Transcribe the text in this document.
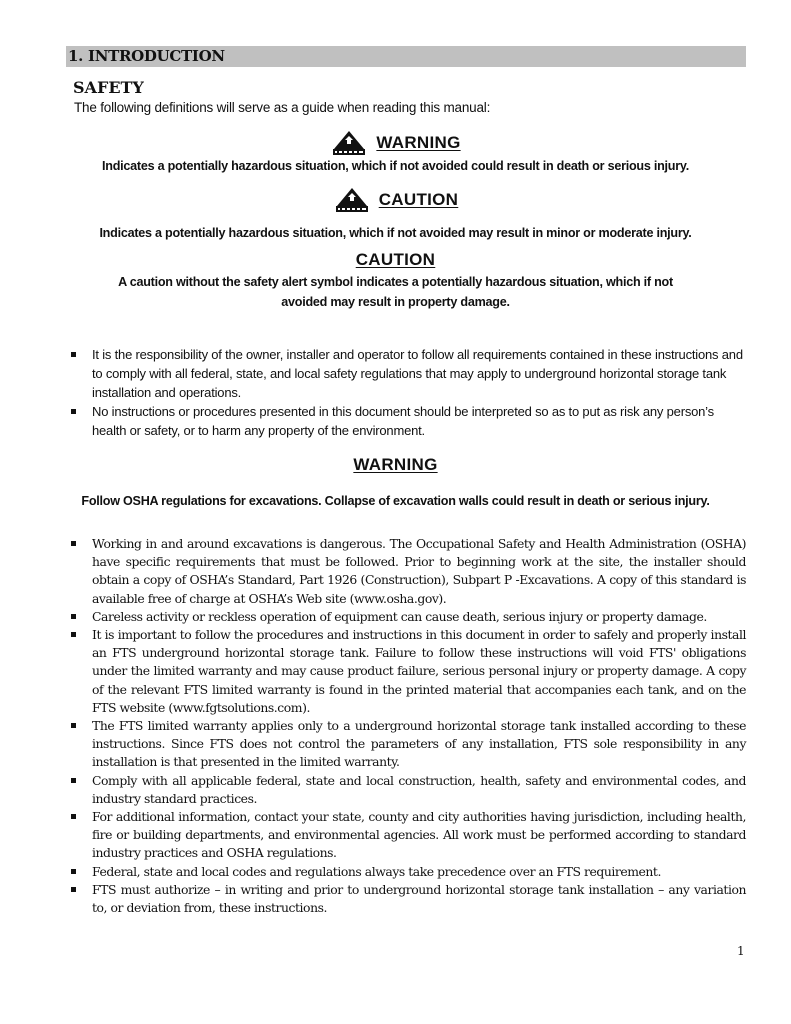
1. INTRODUCTION
SAFETY
The following definitions will serve as a guide when reading this manual:
WARNING
Indicates a potentially hazardous situation, which if not avoided could result in death or serious injury.
CAUTION
Indicates a potentially hazardous situation, which if not avoided may result in minor or moderate injury.
CAUTION
A caution without the safety alert symbol indicates a potentially hazardous situation, which if not
avoided may result in property damage.
It is the responsibility of the owner, installer and operator to follow all requirements contained in these instructions and to comply with all federal, state, and local safety regulations that may apply to underground horizontal storage tank installation and operations.
No instructions or procedures presented in this document should be interpreted so as to put as risk any person’s health or safety, or to harm any property of the environment.
WARNING
Follow OSHA regulations for excavations. Collapse of excavation walls could result in death or serious injury.
Working in and around excavations is dangerous. The Occupational Safety and Health Administration (OSHA) have specific requirements that must be followed. Prior to beginning work at the site, the installer should obtain a copy of OSHA’s Standard, Part 1926 (Construction), Subpart P -Excavations. A copy of this standard is available free of charge at OSHA’s Web site (www.osha.gov).
Careless activity or reckless operation of equipment can cause death, serious injury or property damage.
It is important to follow the procedures and instructions in this document in order to safely and properly install an FTS underground horizontal storage tank. Failure to follow these instructions will void FTS' obligations under the limited warranty and may cause product failure, serious personal injury or property damage. A copy of the relevant FTS limited warranty is found in the printed material that accompanies each tank, and on the FTS website (www.fgtsolutions.com).
The FTS limited warranty applies only to a underground horizontal storage tank installed according to these instructions. Since FTS does not control the parameters of any installation, FTS sole responsibility in any installation is that presented in the limited warranty.
Comply with all applicable federal, state and local construction, health, safety and environmental codes, and industry standard practices.
For additional information, contact your state, county and city authorities having jurisdiction, including health, fire or building departments, and environmental agencies. All work must be performed according to standard industry practices and OSHA regulations.
Federal, state and local codes and regulations always take precedence over an FTS requirement.
FTS must authorize – in writing and prior to underground horizontal storage tank installation – any variation to, or deviation from, these instructions.
1
